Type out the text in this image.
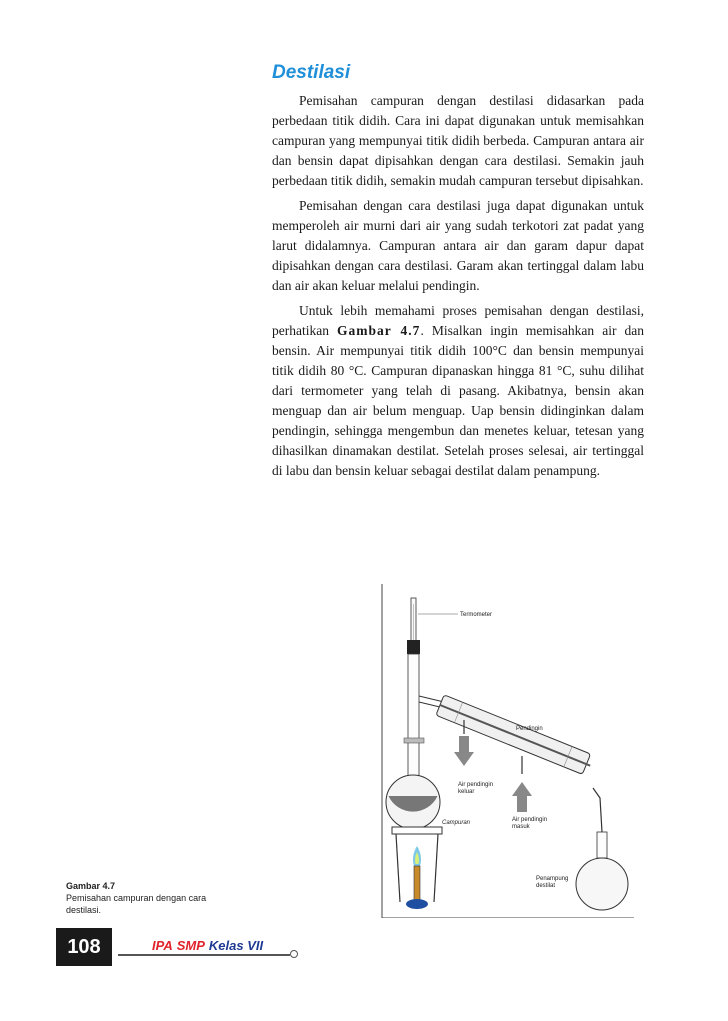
Destilasi

Pemisahan campuran dengan destilasi didasarkan pada perbedaan titik didih. Cara ini dapat digunakan untuk memisahkan campuran yang mempunyai titik didih berbeda. Campuran antara air dan bensin dapat dipisahkan dengan cara destilasi. Semakin jauh perbedaan titik didih, semakin mudah campuran tersebut dipisahkan.

Pemisahan dengan cara destilasi juga dapat digunakan untuk memperoleh air murni dari air yang sudah terkotori zat padat yang larut didalamnya. Campuran antara air dan garam dapur dapat dipisahkan dengan cara destilasi. Garam akan tertinggal dalam labu dan air akan keluar melalui pendingin.

Untuk lebih memahami proses pemisahan dengan destilasi, perhatikan Gambar 4.7. Misalkan ingin memisahkan air dan bensin. Air mempunyai titik didih 100°C dan bensin mempunyai titik didih 80 °C. Campuran dipanaskan hingga 81 °C, suhu dilihat dari termometer yang telah di pasang. Akibatnya, bensin akan menguap dan air belum menguap. Uap bensin didinginkan dalam pendingin, sehingga mengembun dan menetes keluar, tetesan yang dihasilkan dinamakan destilat. Setelah proses selesai, air tertinggal di labu dan bensin keluar sebagai destilat dalam penampung.

Termometer
Pendingin
Air pendingin
keluar
Campuran	Air pendingin
masuk
Penampung
destilat
Gambar 4.7
Pemisahan campuran dengan cara destilasi.
108	IPA SMP Kelas VII
